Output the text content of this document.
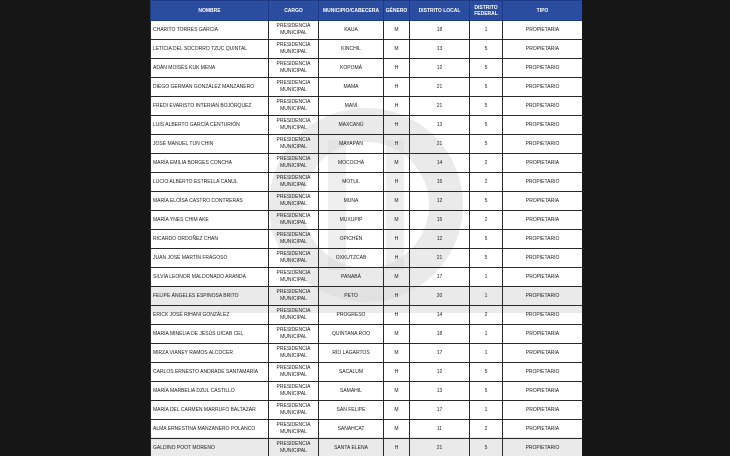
NOMBRE	CARGO	MUNICIPIO/CABECERA	GÉNERO	DISTRITO LOCAL	DISTRITO FEDERAL	TIPO
CHARITO TORRES GARCÍA	PRESIDENCIA MUNICIPAL	KAUA	M	18	1	PROPIETARIA
LETICIA DEL SOCORRO TZUC QUINTAL	PRESIDENCIA MUNICIPAL	KINCHIL	M	13	5	PROPIETARIA
ADÁN MOISÉS KUK MENA	PRESIDENCIA MUNICIPAL	KOPOMÁ	H	12	5	PROPIETARIO
DIEGO GERMAN GONZÁLEZ MANZANERO	PRESIDENCIA MUNICIPAL	MAMA	H	21	5	PROPIETARIO
FREDI EVARISTO INTERIÁN BOJÓRQUEZ	PRESIDENCIA MUNICIPAL	MANÍ	H	21	5	PROPIETARIO
LUIS ALBERTO GARCÍA CENTURIÓN	PRESIDENCIA MUNICIPAL	MAXCANÚ	H	13	5	PROPIETARIO
JOSÉ MANUEL TUN CHIN	PRESIDENCIA MUNICIPAL	MAYAPÁN	H	21	5	PROPIETARIO
MARÍA EMILIA BORGES CONCHA	PRESIDENCIA MUNICIPAL	MOCOCHÁ	M	14	2	PROPIETARIA
LUCIO ALBERTO ESTRELLA CANUL	PRESIDENCIA MUNICIPAL	MOTUL	H	15	2	PROPIETARIO
MARÍA ELOÍSA CASTRO CONTRERAS	PRESIDENCIA MUNICIPAL	MUNA	M	12	5	PROPIETARIA
MARÍA YNES CHIM AKE	PRESIDENCIA MUNICIPAL	MUXUPIP	M	15	2	PROPIETARIA
RICARDO ORDOÑEZ CHAN	PRESIDENCIA MUNICIPAL	OPICHÉN	H	12	5	PROPIETARIO
JUAN JOSÉ MARTÍN FRAGOSO	PRESIDENCIA MUNICIPAL	OXKUTZCAB	H	21	5	PROPIETARIO
SILVIA LEONOR MALDONADO ARANDA	PRESIDENCIA MUNICIPAL	PANABÁ	M	17	1	PROPIETARIA
FELIPE ÁNGELES ESPINOSA BRITO	PRESIDENCIA MUNICIPAL	PETO	H	20	1	PROPIETARIO
ERICK JOSÉ RIHANI GONZÁLEZ	PRESIDENCIA MUNICIPAL	PROGRESO	H	14	2	PROPIETARIO
MARÍA MINELIA DE JESÚS UICAB CEL	PRESIDENCIA MUNICIPAL	QUINTANA ROO	M	18	1	PROPIETARIA
MIRZA VIANEY RAMOS ALCOCER	PRESIDENCIA MUNICIPAL	RÍO LAGARTOS	M	17	1	PROPIETARIA
CARLOS ERNESTO ANDRADE SANTAMARÍA	PRESIDENCIA MUNICIPAL	SACALUM	H	12	5	PROPIETARIO
MARÍA MARBELIA DZUL CASTILLO	PRESIDENCIA MUNICIPAL	SAMAHIL	M	13	5	PROPIETARIA
MARÍA DEL CARMEN MARRUFO BALTAZAR	PRESIDENCIA MUNICIPAL	SAN FELIPE	M	17	1	PROPIETARIA
ALMA ERNESTINA MANZANERO POLANCO	PRESIDENCIA MUNICIPAL	SANAHCAT	M	11	2	PROPIETARIA
GALDINO POOT MORENO	PRESIDENCIA MUNICIPAL	SANTA ELENA	H	21	5	PROPIETARIO
